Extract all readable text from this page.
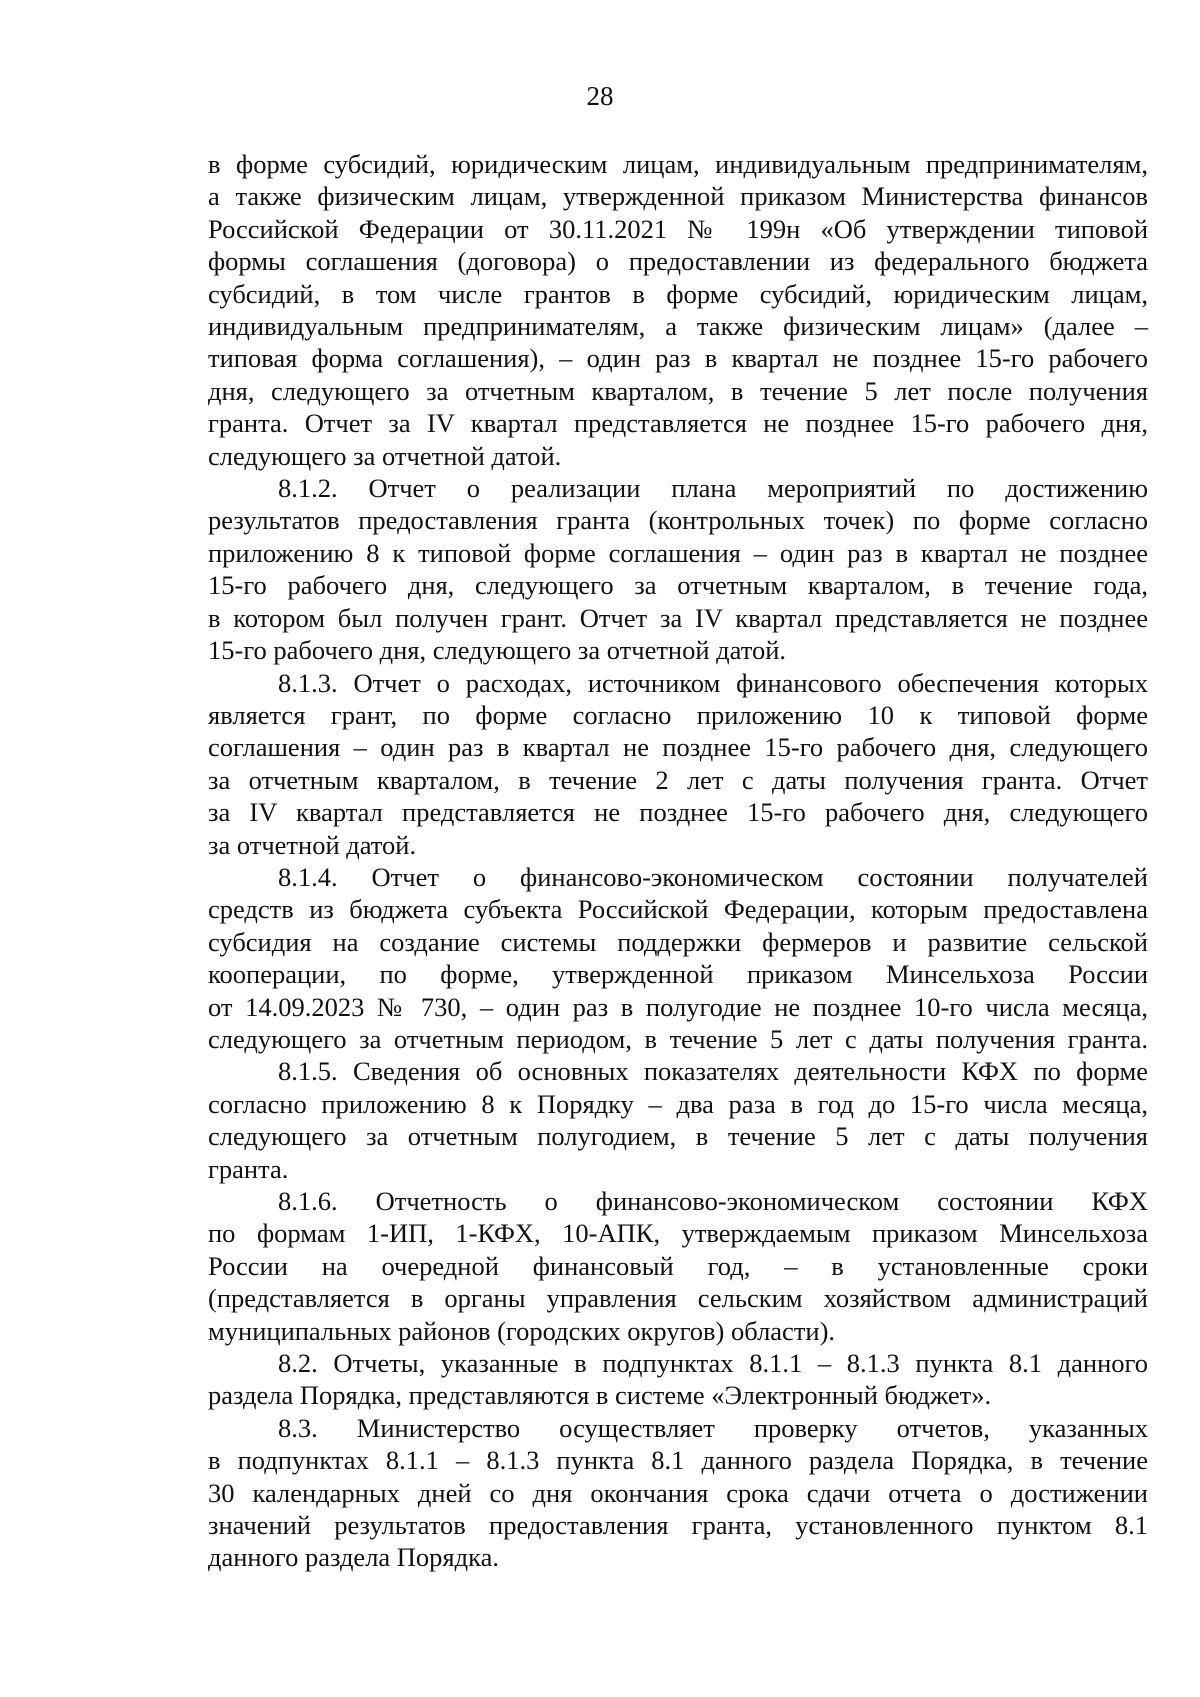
28

в форме субсидий, юридическим лицам, индивидуальным предпринимателям,
а также физическим лицам, утвержденной приказом Министерства финансов
Российской Федерации от 30.11.2021 № 199н «Об утверждении типовой
формы соглашения (договора) о предоставлении из федерального бюджета
субсидий, в том числе грантов в форме субсидий, юридическим лицам,
индивидуальным предпринимателям, а также физическим лицам» (далее –
типовая форма соглашения), – один раз в квартал не позднее 15-го рабочего
дня, следующего за отчетным кварталом, в течение 5 лет после получения
гранта. Отчет за IV квартал представляется не позднее 15-го рабочего дня,
следующего за отчетной датой.

8.1.2. Отчет о реализации плана мероприятий по достижению
результатов предоставления гранта (контрольных точек) по форме согласно
приложению 8 к типовой форме соглашения – один раз в квартал не позднее
15-го рабочего дня, следующего за отчетным кварталом, в течение года,
в котором был получен грант. Отчет за IV квартал представляется не позднее
15-го рабочего дня, следующего за отчетной датой.

8.1.3. Отчет о расходах, источником финансового обеспечения которых
является грант, по форме согласно приложению 10 к типовой форме
соглашения – один раз в квартал не позднее 15-го рабочего дня, следующего
за отчетным кварталом, в течение 2 лет с даты получения гранта. Отчет
за IV квартал представляется не позднее 15-го рабочего дня, следующего
за отчетной датой.

8.1.4. Отчет о финансово-экономическом состоянии получателей
средств из бюджета субъекта Российской Федерации, которым предоставлена
субсидия на создание системы поддержки фермеров и развитие сельской
кооперации, по форме, утвержденной приказом Минсельхоза России
от 14.09.2023 № 730, – один раз в полугодие не позднее 10-го числа месяца,
следующего за отчетным периодом, в течение 5 лет с даты получения гранта.

8.1.5. Сведения об основных показателях деятельности КФХ по форме
согласно приложению 8 к Порядку – два раза в год до 15-го числа месяца,
следующего за отчетным полугодием, в течение 5 лет с даты получения
гранта.

8.1.6. Отчетность о финансово-экономическом состоянии КФХ
по формам 1-ИП, 1-КФХ, 10-АПК, утверждаемым приказом Минсельхоза
России на очередной финансовый год, – в установленные сроки
(представляется в органы управления сельским хозяйством администраций
муниципальных районов (городских округов) области).

8.2. Отчеты, указанные в подпунктах 8.1.1 – 8.1.3 пункта 8.1 данного
раздела Порядка, представляются в системе «Электронный бюджет».

8.3. Министерство осуществляет проверку отчетов, указанных
в подпунктах 8.1.1 – 8.1.3 пункта 8.1 данного раздела Порядка, в течение
30 календарных дней со дня окончания срока сдачи отчета о достижении
значений результатов предоставления гранта, установленного пунктом 8.1
данного раздела Порядка.
